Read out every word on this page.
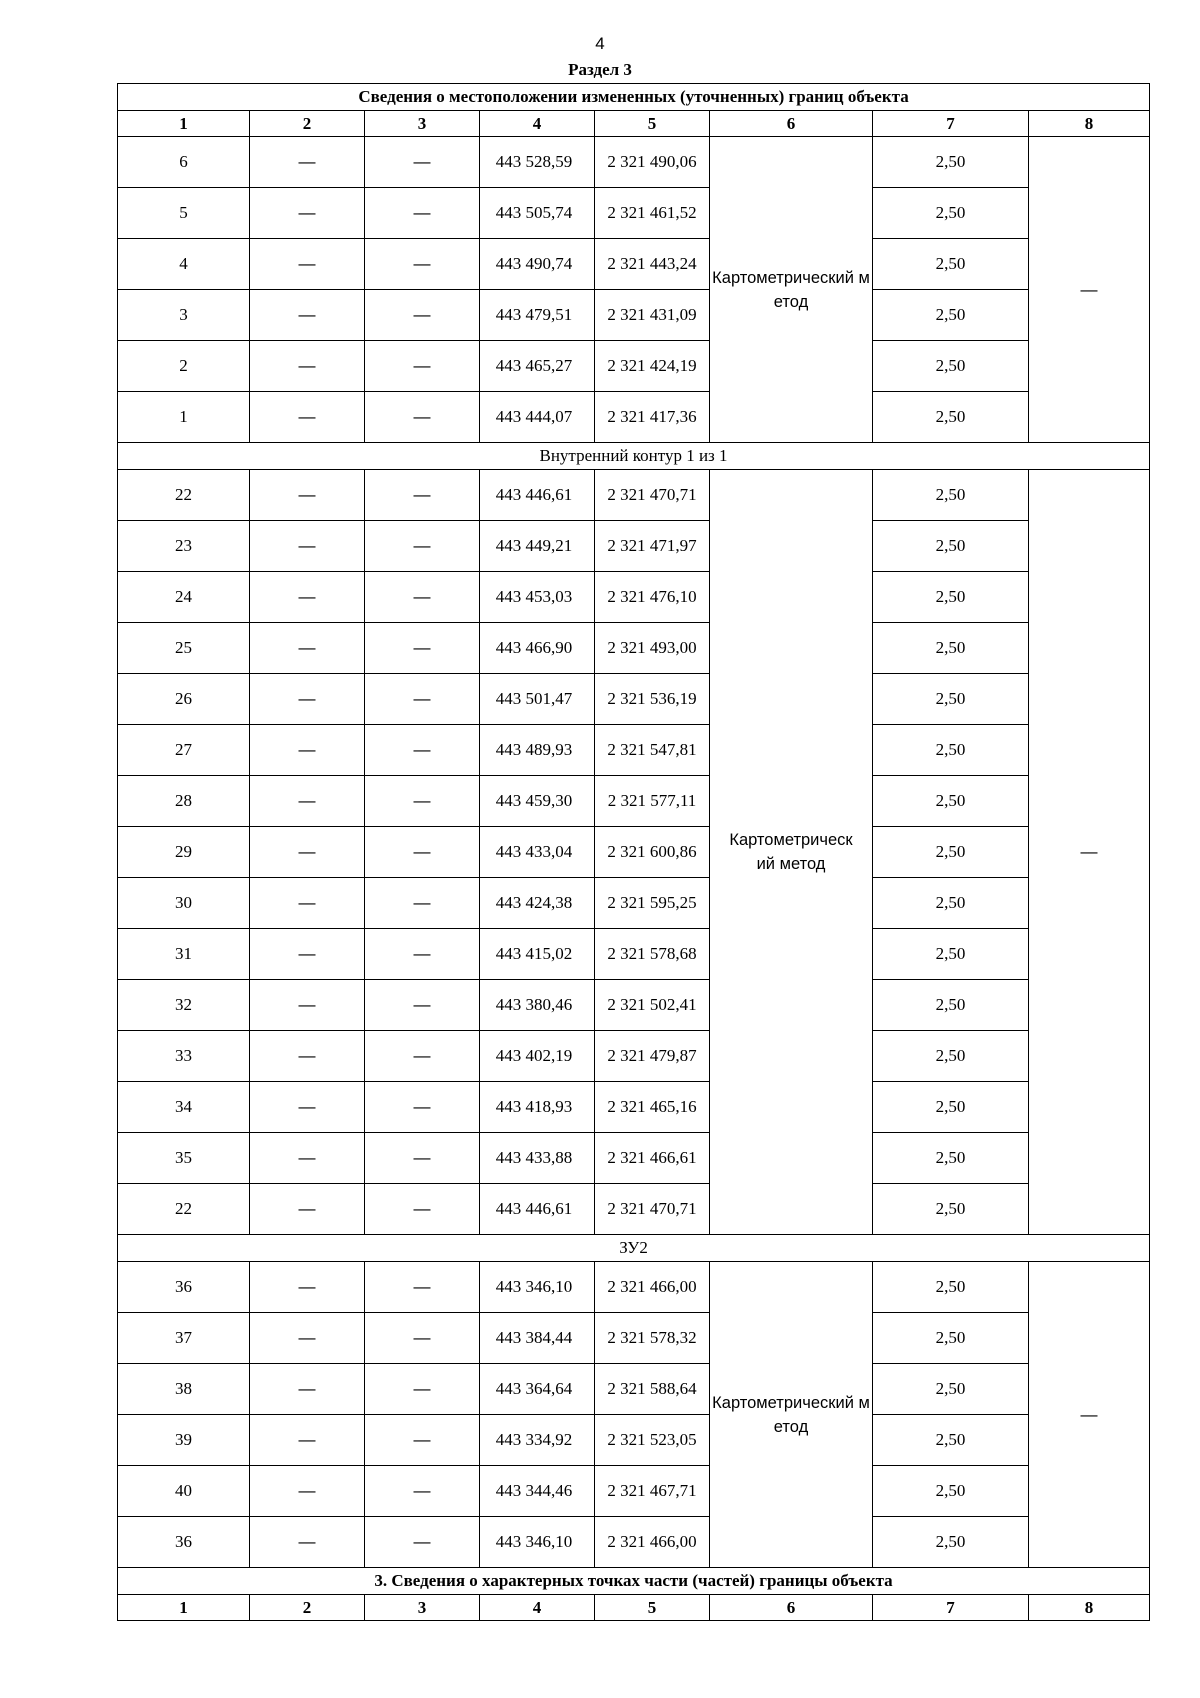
4
Раздел 3
Сведения о местоположении измененных (уточненных) границ объекта							
1	2	3	4	5	6	7	8
6	—	—	443 528,59	2 321 490,06	Картометрический метод	2,50	—
5	—	—	443 505,74	2 321 461,52		2,50	
4	—	—	443 490,74	2 321 443,24		2,50	
3	—	—	443 479,51	2 321 431,09		2,50	
2	—	—	443 465,27	2 321 424,19		2,50	
1	—	—	443 444,07	2 321 417,36		2,50	
Внутренний контур 1 из 1							
22	—	—	443 446,61	2 321 470,71	Картометрический метод	2,50	—
23	—	—	443 449,21	2 321 471,97		2,50	
24	—	—	443 453,03	2 321 476,10		2,50	
25	—	—	443 466,90	2 321 493,00		2,50	
26	—	—	443 501,47	2 321 536,19		2,50	
27	—	—	443 489,93	2 321 547,81		2,50	
28	—	—	443 459,30	2 321 577,11		2,50	
29	—	—	443 433,04	2 321 600,86		2,50	
30	—	—	443 424,38	2 321 595,25		2,50	
31	—	—	443 415,02	2 321 578,68		2,50	
32	—	—	443 380,46	2 321 502,41		2,50	
33	—	—	443 402,19	2 321 479,87		2,50	
34	—	—	443 418,93	2 321 465,16		2,50	
35	—	—	443 433,88	2 321 466,61		2,50	
22	—	—	443 446,61	2 321 470,71		2,50	
ЗУ2							
36	—	—	443 346,10	2 321 466,00	Картометрический метод	2,50	—
37	—	—	443 384,44	2 321 578,32		2,50	
38	—	—	443 364,64	2 321 588,64		2,50	
39	—	—	443 334,92	2 321 523,05		2,50	
40	—	—	443 344,46	2 321 467,71		2,50	
36	—	—	443 346,10	2 321 466,00		2,50	
3. Сведения о характерных точках части (частей) границы объекта							
1	2	3	4	5	6	7	8
